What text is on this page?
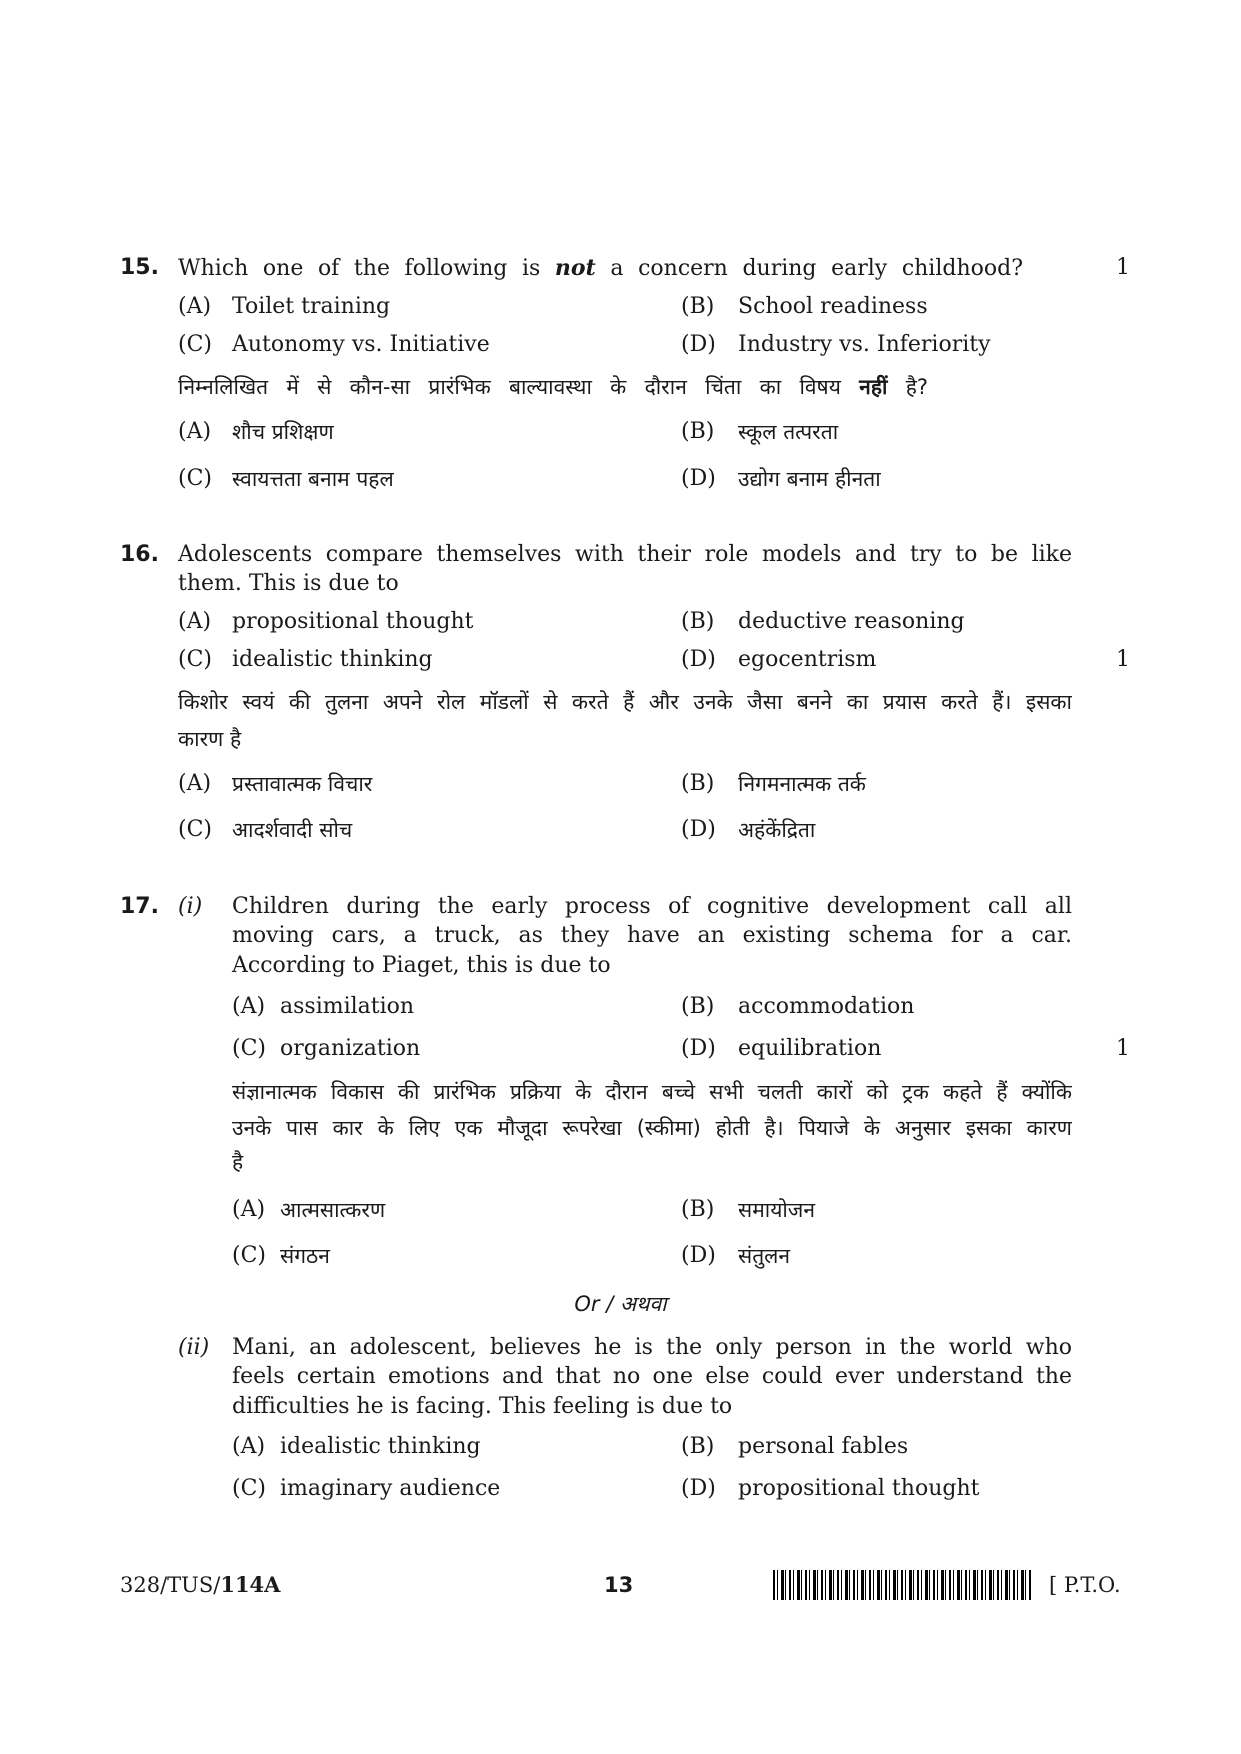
15. Which one of the following is not a concern during early childhood?	1
(A) Toilet training	(B) School readiness
(C) Autonomy vs. Initiative	(D) Industry vs. Inferiority
निम्नलिखित में से कौन-सा प्रारंभिक बाल्यावस्था के दौरान चिंता का विषय नहीं है?
(A) शौच प्रशिक्षण	(B) स्कूल तत्परता
(C) स्वायत्तता बनाम पहल	(D) उद्योग बनाम हीनता
16. Adolescents compare themselves with their role models and try to be like
them. This is due to
(A) propositional thought	(B) deductive reasoning
(C) idealistic thinking	(D) egocentrism	1
किशोर स्वयं की तुलना अपने रोल मॉडलों से करते हैं और उनके जैसा बनने का प्रयास करते हैं। इसका
कारण है
(A) प्रस्तावात्मक विचार	(B) निगमनात्मक तर्क
(C) आदर्शवादी सोच	(D) अहंकेंद्रिता
17. (i) Children during the early process of cognitive development call all
moving cars, a truck, as they have an existing schema for a car.
According to Piaget, this is due to
(A) assimilation	(B) accommodation
(C) organization	(D) equilibration	1
संज्ञानात्मक विकास की प्रारंभिक प्रक्रिया के दौरान बच्चे सभी चलती कारों को ट्रक कहते हैं क्योंकि
उनके पास कार के लिए एक मौजूदा रूपरेखा (स्कीमा) होती है। पियाजे के अनुसार इसका कारण
है
(A) आत्मसात्करण	(B) समायोजन
(C) संगठन	(D) संतुलन
Or / अथवा
(ii) Mani, an adolescent, believes he is the only person in the world who
feels certain emotions and that no one else could ever understand the
difficulties he is facing. This feeling is due to
(A) idealistic thinking	(B) personal fables
(C) imaginary audience	(D) propositional thought
328/TUS/114A	13	[ P.T.O.
